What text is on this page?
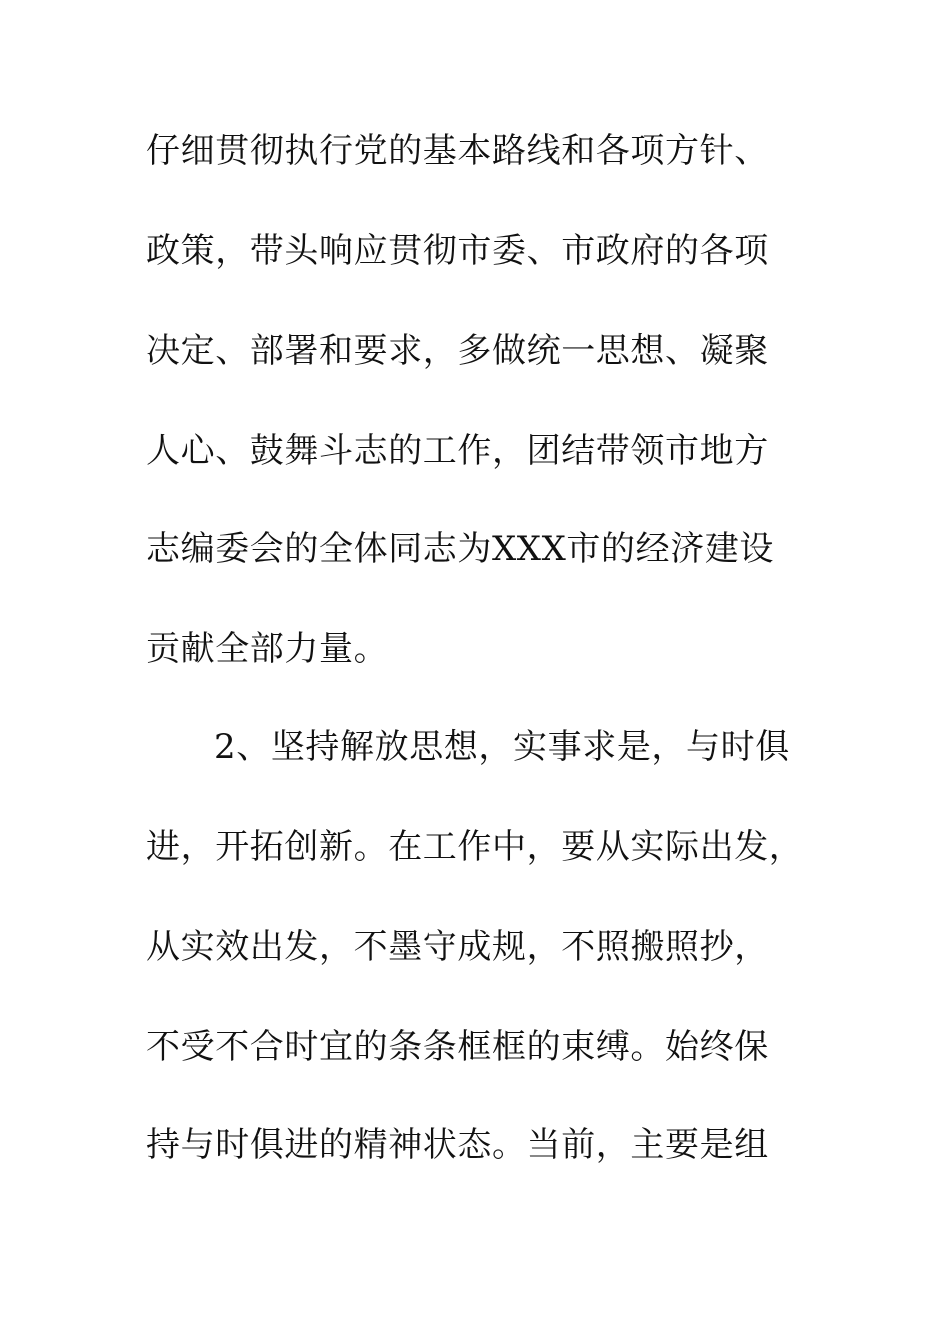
仔细贯彻执行党的基本路线和各项方针、
政策，带头响应贯彻市委、市政府的各项
决定、部署和要求，多做统一思想、凝聚
人心、鼓舞斗志的工作，团结带领市地方
志编委会的全体同志为XXX市的经济建设
贡献全部力量。
2、坚持解放思想，实事求是，与时俱
进，开拓创新。在工作中，要从实际出发，
从实效出发，不墨守成规，不照搬照抄，
不受不合时宜的条条框框的束缚。始终保
持与时俱进的精神状态。当前，主要是组
